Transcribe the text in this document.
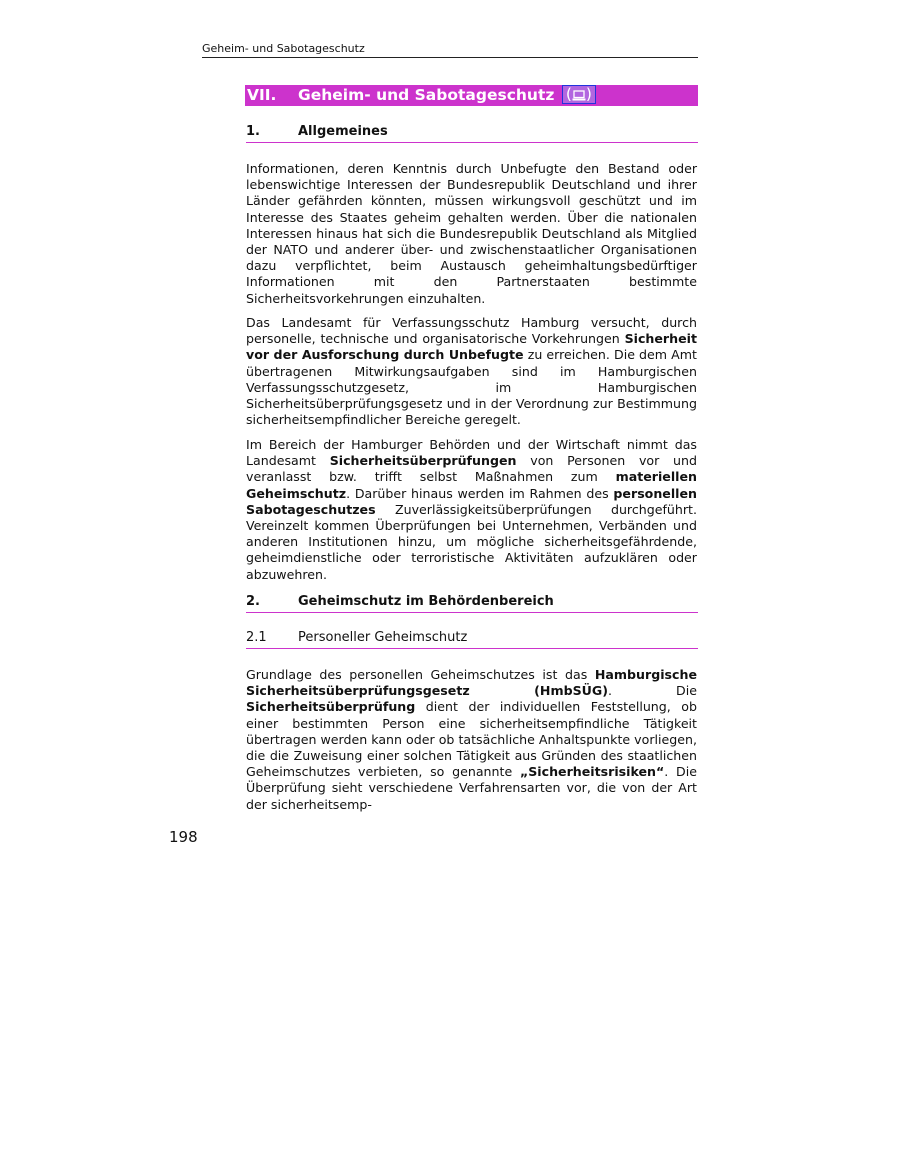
Geheim- und Sabotageschutz
VII. Geheim- und Sabotageschutz ( )
1.	Allgemeines

Informationen, deren Kenntnis durch Unbefugte den Bestand oder lebenswichtige Interessen der Bundesrepublik Deutschland und ihrer Länder gefährden könnten, müssen wirkungsvoll geschützt und im Interesse des Staates geheim gehalten werden. Über die nationalen Interessen hinaus hat sich die Bundesrepublik Deutschland als Mitglied der NATO und anderer über- und zwischenstaatlicher Organisationen dazu verpflichtet, beim Austausch geheimhaltungsbedürftiger Informationen mit den Partnerstaaten bestimmte Sicherheitsvorkehrungen einzuhalten.

Das Landesamt für Verfassungsschutz Hamburg versucht, durch personelle, technische und organisatorische Vorkehrungen Sicherheit vor der Ausforschung durch Unbefugte zu erreichen. Die dem Amt übertragenen Mitwirkungsaufgaben sind im Hamburgischen Verfassungsschutzgesetz, im Hamburgischen Sicherheitsüberprüfungsgesetz und in der Verordnung zur Bestimmung sicherheitsempfindlicher Bereiche geregelt.

Im Bereich der Hamburger Behörden und der Wirtschaft nimmt das Landesamt Sicherheitsüberprüfungen von Personen vor und veranlasst bzw. trifft selbst Maßnahmen zum materiellen Geheimschutz. Darüber hinaus werden im Rahmen des personellen Sabotageschutzes Zuverlässigkeitsüberprüfungen durchgeführt. Vereinzelt kommen Überprüfungen bei Unternehmen, Verbänden und anderen Institutionen hinzu, um mögliche sicherheitsgefährdende, geheimdienstliche oder terroristische Aktivitäten aufzuklären oder abzuwehren.

2.	Geheimschutz im Behördenbereich
2.1 Personeller Geheimschutz

Grundlage des personellen Geheimschutzes ist das Hamburgische Sicherheitsüberprüfungsgesetz (HmbSÜG). Die Sicherheitsüberprüfung dient der individuellen Feststellung, ob einer bestimmten Person eine sicherheitsempfindliche Tätigkeit übertragen werden kann oder ob tatsächliche Anhaltspunkte vorliegen, die die Zuweisung einer solchen Tätigkeit aus Gründen des staatlichen Geheimschutzes verbieten, so genannte „Sicherheitsrisiken“. Die Überprüfung sieht verschiedene Verfahrensarten vor, die von der Art der sicherheitsemp-

198
